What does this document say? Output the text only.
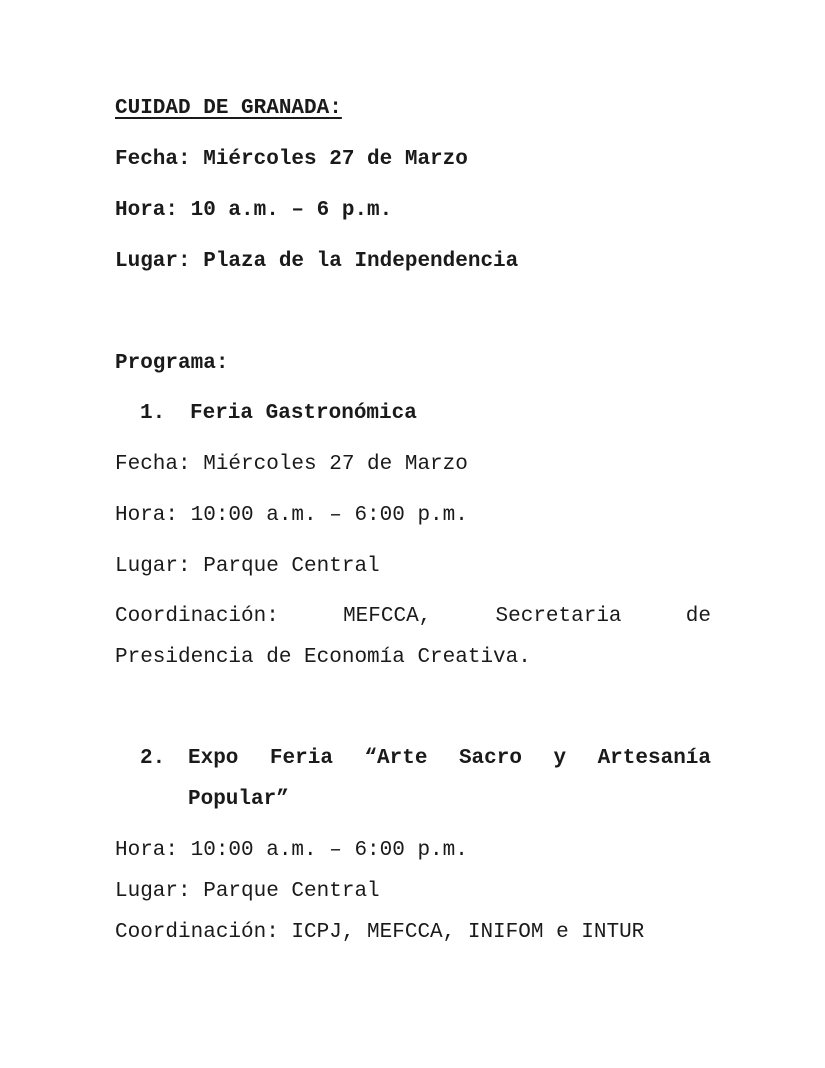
CUIDAD DE GRANADA:
Fecha: Miércoles 27 de Marzo
Hora: 10 a.m. – 6 p.m.
Lugar: Plaza de la Independencia
Programa:
1. Feria Gastronómica
Fecha: Miércoles 27 de Marzo
Hora: 10:00 a.m. – 6:00 p.m.
Lugar: Parque Central
Coordinación:	MEFCCA,	Secretaria	de
Presidencia de Economía Creativa.
2. Expo Feria “Arte Sacro y Artesanía
Popular”
Hora: 10:00 a.m. – 6:00 p.m.
Lugar: Parque Central
Coordinación: ICPJ, MEFCCA, INIFOM e INTUR
